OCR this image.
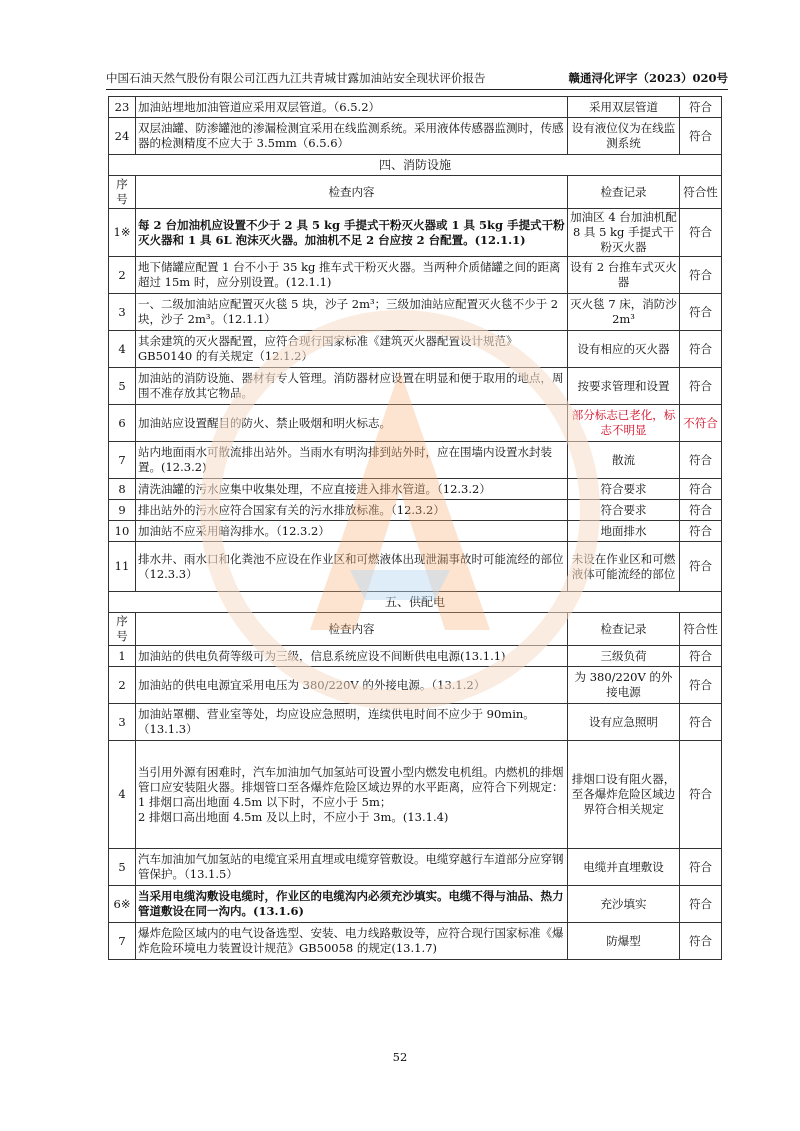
中国石油天然气股份有限公司江西九江共青城甘露加油站安全现状评价报告	赣通浔化评字（2023）020号
23	加油站埋地加油管道应采用双层管道。（6.5.2）	采用双层管道	符合
24	双层油罐、防渗罐池的渗漏检测宜采用在线监测系统。采用液体传感器监测时，传感器的检测精度不应大于 3.5mm（6.5.6）	设有液位仪为在线监测系统	符合
四、消防设施			
序号	检查内容	检查记录	符合性
1※	每 2 台加油机应设置不少于 2 具 5 kg 手提式干粉灭火器或 1 具 5kg 手提式干粉灭火器和 1 具 6L 泡沫灭火器。加油机不足 2 台应按 2 台配置。(12.1.1)	加油区 4 台加油机配 8 具 5 kg 手提式干粉灭火器	符合
2	地下储罐应配置 1 台不小于 35 kg 推车式干粉灭火器。当两种介质储罐之间的距离超过 15m 时，应分别设置。(12.1.1)	设有 2 台推车式灭火器	符合
3	一、二级加油站应配置灭火毯 5 块，沙子 2m³；三级加油站应配置灭火毯不少于 2 块，沙子 2m³。（12.1.1）	灭火毯 7 床，消防沙 2m³	符合
4	其余建筑的灭火器配置，应符合现行国家标准《建筑灭火器配置设计规范》GB50140 的有关规定（12.1.2）	设有相应的灭火器	符合
5	加油站的消防设施、器材有专人管理。消防器材应设置在明显和便于取用的地点，周围不准存放其它物品。	按要求管理和设置	符合
6	加油站应设置醒目的防火、禁止吸烟和明火标志。	部分标志已老化，标志不明显	不符合
7	站内地面雨水可散流排出站外。当雨水有明沟排到站外时，应在围墙内设置水封装置。(12.3.2)	散流	符合
8	清洗油罐的污水应集中收集处理，不应直接进入排水管道。（12.3.2）	符合要求	符合
9	排出站外的污水应符合国家有关的污水排放标准。（12.3.2）	符合要求	符合
10	加油站不应采用暗沟排水。（12.3.2）	地面排水	符合
11	排水井、雨水口和化粪池不应设在作业区和可燃液体出现泄漏事故时可能流经的部位（12.3.3）	未设在作业区和可燃液体可能流经的部位	符合
五、供配电			
序号	检查内容	检查记录	符合性
1	加油站的供电负荷等级可为三级，信息系统应设不间断供电电源(13.1.1)	三级负荷	符合
2	加油站的供电电源宜采用电压为 380/220V 的外接电源。（13.1.2）	为 380/220V 的外接电源	符合
3	加油站罩棚、营业室等处，均应设应急照明，连续供电时间不应少于 90min。（13.1.3）	设有应急照明	符合
4	当引用外源有困难时，汽车加油加气加氢站可设置小型内燃发电机组。内燃机的排烟管口应安装阻火器。排烟管口至各爆炸危险区域边界的水平距离，应符合下列规定：
1 排烟口高出地面 4.5m 以下时，不应小于 5m；
2 排烟口高出地面 4.5m 及以上时，不应小于 3m。(13.1.4)	排烟口设有阻火器，至各爆炸危险区域边界符合相关规定	符合
5	汽车加油加气加氢站的电缆宜采用直埋或电缆穿管敷设。电缆穿越行车道部分应穿钢管保护。（13.1.5）	电缆并直埋敷设	符合
6※	当采用电缆沟敷设电缆时，作业区的电缆沟内必须充沙填实。电缆不得与油品、热力管道敷设在同一沟内。(13.1.6)	充沙填实	符合
7	爆炸危险区域内的电气设备选型、安装、电力线路敷设等，应符合现行国家标准《爆炸危险环境电力装置设计规范》GB50058 的规定(13.1.7)	防爆型	符合
52
